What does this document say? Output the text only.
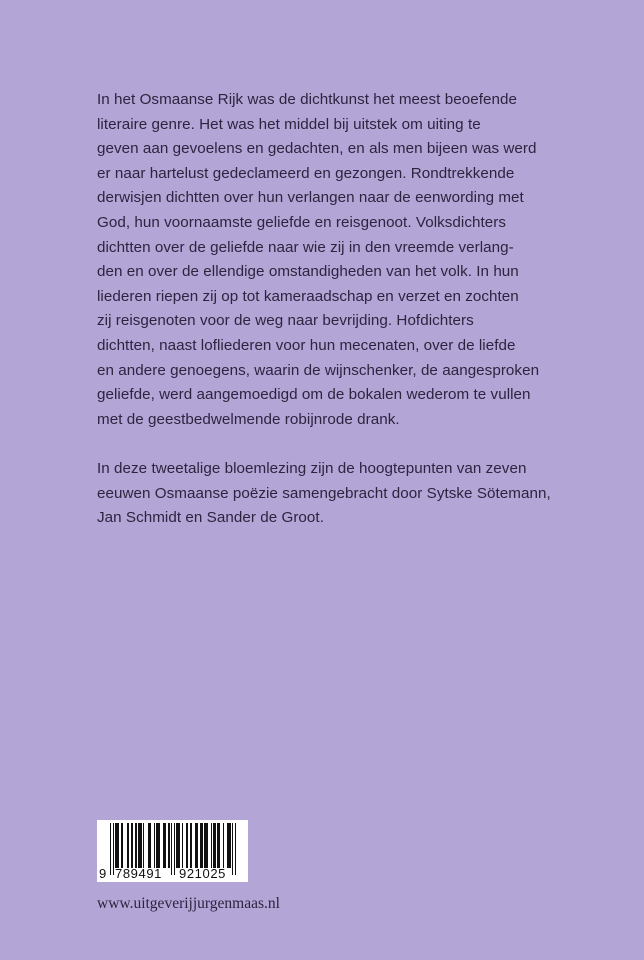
In het Osmaanse Rijk was de dichtkunst het meest beoefende
literaire genre. Het was het middel bij uitstek om uiting te
geven aan gevoelens en gedachten, en als men bijeen was werd
er naar hartelust gedeclameerd en gezongen. Rondtrekkende
derwisjen dichtten over hun verlangen naar de eenwording met
God, hun voornaamste geliefde en reisgenoot. Volksdichters
dichtten over de geliefde naar wie zij in den vreemde verlang-
den en over de ellendige omstandigheden van het volk. In hun
liederen riepen zij op tot kameraadschap en verzet en zochten
zij reisgenoten voor de weg naar bevrijding. Hofdichters
dichtten, naast lofliederen voor hun mecenaten, over de liefde
en andere genoegens, waarin de wijnschenker, de aangesproken
geliefde, werd aangemoedigd om de bokalen wederom te vullen
met de geestbedwelmende robijnrode drank.

In deze tweetalige bloemlezing zijn de hoogtepunten van zeven
eeuwen Osmaanse poëzie samengebracht door Sytske Sötemann,
Jan Schmidt en Sander de Groot.

9 789491 921025
www.uitgeverijjurgenmaas.nl
